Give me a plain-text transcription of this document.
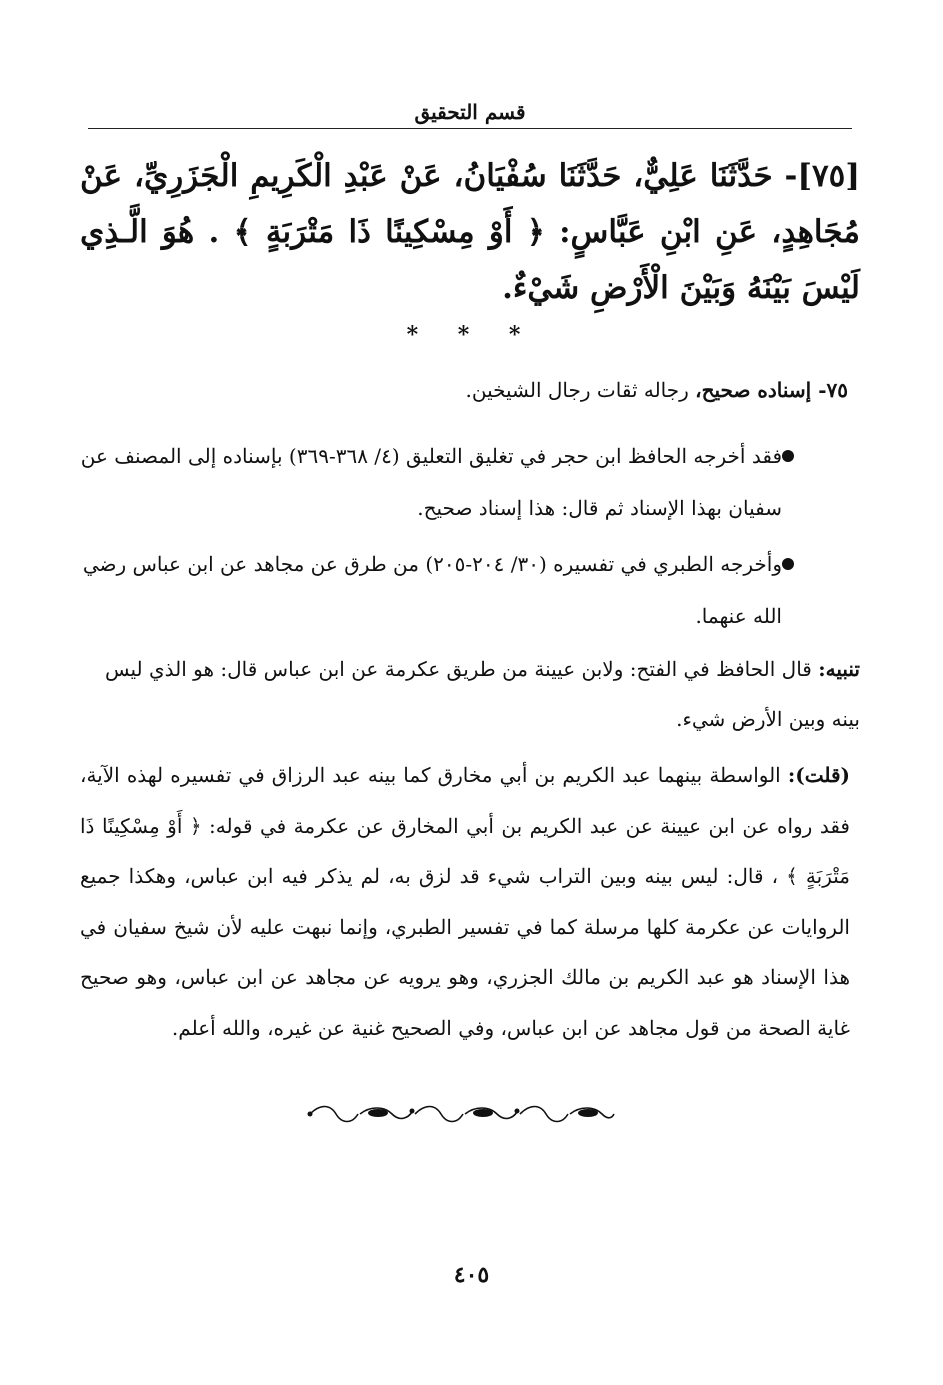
قسم التحقيق
[٧٥]- حَدَّثَنَا عَلِيٌّ، حَدَّثَنَا سُفْيَانُ، عَنْ عَبْدِ الْكَرِيمِ الْجَزَرِيِّ، عَنْ مُجَاهِدٍ، عَنِ ابْنِ عَبَّاسٍ: ﴿ أَوْ مِسْكِينًا ذَا مَتْرَبَةٍ ﴾ . هُوَ الَّـذِي لَيْسَ بَيْنَهُ وَبَيْنَ الْأَرْضِ شَيْءٌ.
* * *
٧٥- إسناده صحيح، رجاله ثقات رجال الشيخين.
فقد أخرجه الحافظ ابن حجر في تغليق التعليق (٤/ ٣٦٨-٣٦٩) بإسناده إلى المصنف عن سفيان بهذا الإسناد ثم قال: هذا إسناد صحيح.
وأخرجه الطبري في تفسيره (٣٠/ ٢٠٤-٢٠٥) من طرق عن مجاهد عن ابن عباس رضي الله عنهما.
تنبيه: قال الحافظ في الفتح: ولابن عيينة من طريق عكرمة عن ابن عباس قال: هو الذي ليس بينه وبين الأرض شيء.
(قلت): الواسطة بينهما عبد الكريم بن أبي مخارق كما بينه عبد الرزاق في تفسيره لهذه الآية، فقد رواه عن ابن عيينة عن عبد الكريم بن أبي المخارق عن عكرمة في قوله: ﴿ أَوْ مِسْكِينًا ذَا مَتْرَبَةٍ ﴾ ، قال: ليس بينه وبين التراب شيء قد لزق به، لم يذكر فيه ابن عباس، وهكذا جميع الروايات عن عكرمة كلها مرسلة كما في تفسير الطبري، وإنما نبهت عليه لأن شيخ سفيان في هذا الإسناد هو عبد الكريم بن مالك الجزري، وهو يرويه عن مجاهد عن ابن عباس، وهو صحيح غاية الصحة من قول مجاهد عن ابن عباس، وفي الصحيح غنية عن غيره، والله أعلم.
٤٠٥
